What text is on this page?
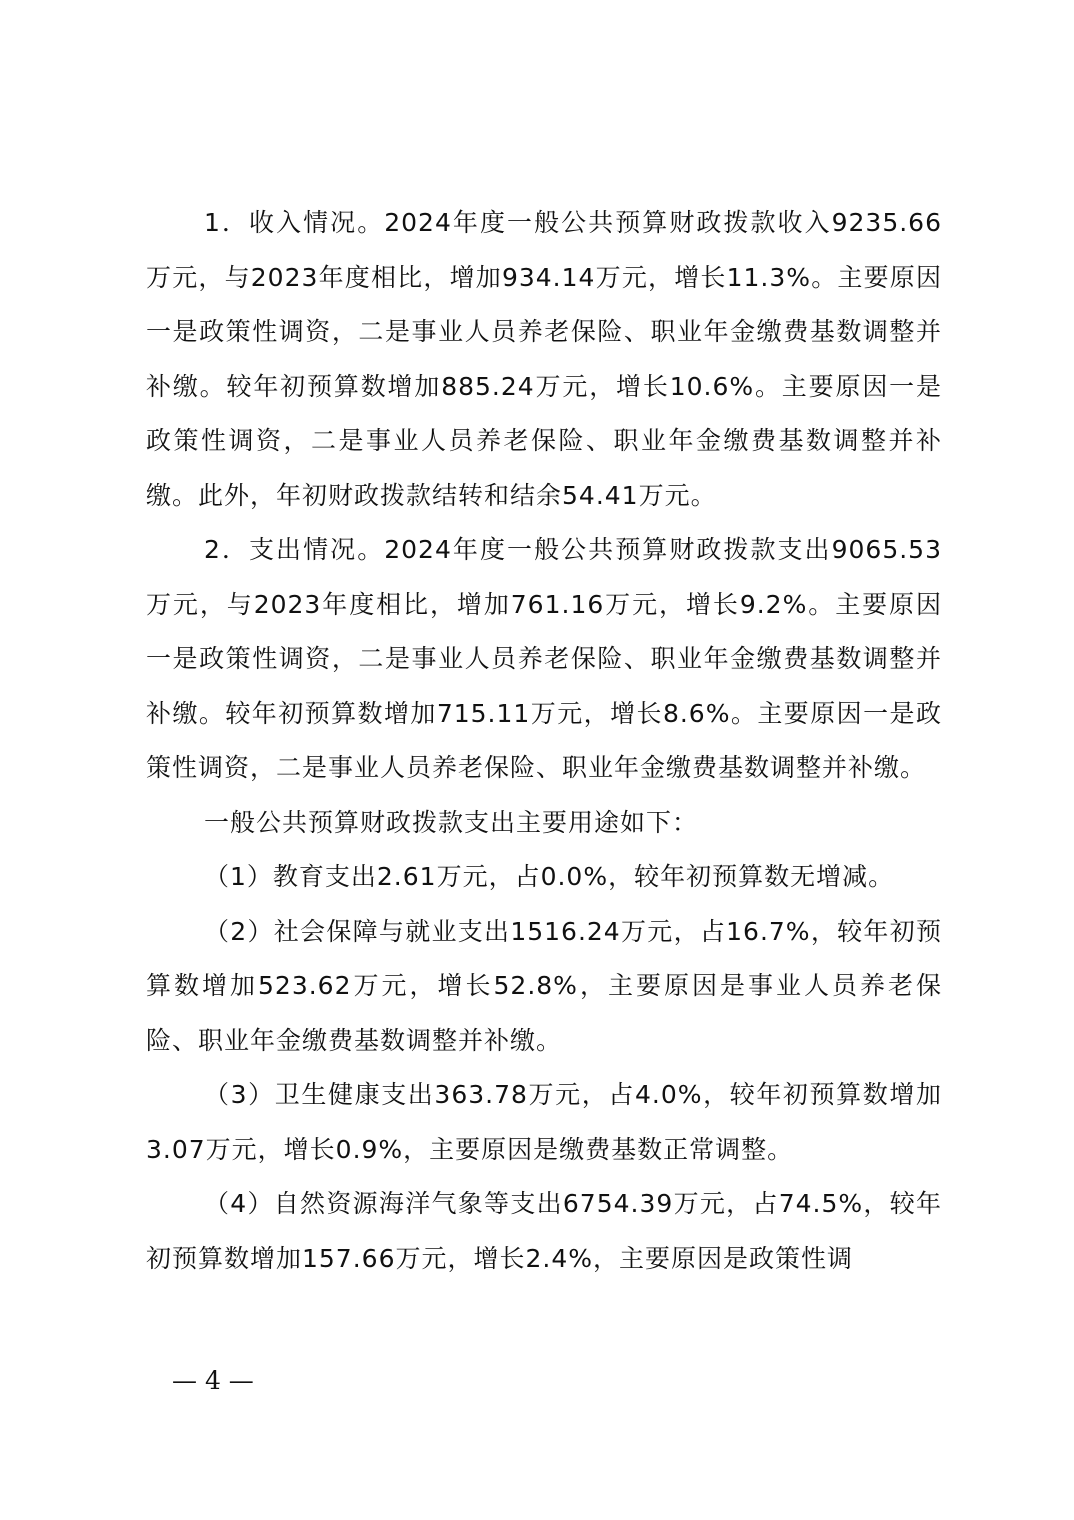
1．收入情况。2024年度一般公共预算财政拨款收入9235.66万元，与2023年度相比，增加934.14万元，增长11.3%。主要原因一是政策性调资，二是事业人员养老保险、职业年金缴费基数调整并补缴。较年初预算数增加885.24万元，增长10.6%。主要原因一是政策性调资，二是事业人员养老保险、职业年金缴费基数调整并补缴。此外，年初财政拨款结转和结余54.41万元。

2．支出情况。2024年度一般公共预算财政拨款支出9065.53万元，与2023年度相比，增加761.16万元，增长9.2%。主要原因一是政策性调资，二是事业人员养老保险、职业年金缴费基数调整并补缴。较年初预算数增加715.11万元，增长8.6%。主要原因一是政策性调资，二是事业人员养老保险、职业年金缴费基数调整并补缴。

一般公共预算财政拨款支出主要用途如下：

（1）教育支出2.61万元，占0.0%，较年初预算数无增减。

（2）社会保障与就业支出1516.24万元，占16.7%，较年初预算数增加523.62万元，增长52.8%，主要原因是事业人员养老保险、职业年金缴费基数调整并补缴。

（3）卫生健康支出363.78万元，占4.0%，较年初预算数增加3.07万元，增长0.9%，主要原因是缴费基数正常调整。

（4）自然资源海洋气象等支出6754.39万元，占74.5%，较年初预算数增加157.66万元，增长2.4%，主要原因是政策性调

— 4 —
